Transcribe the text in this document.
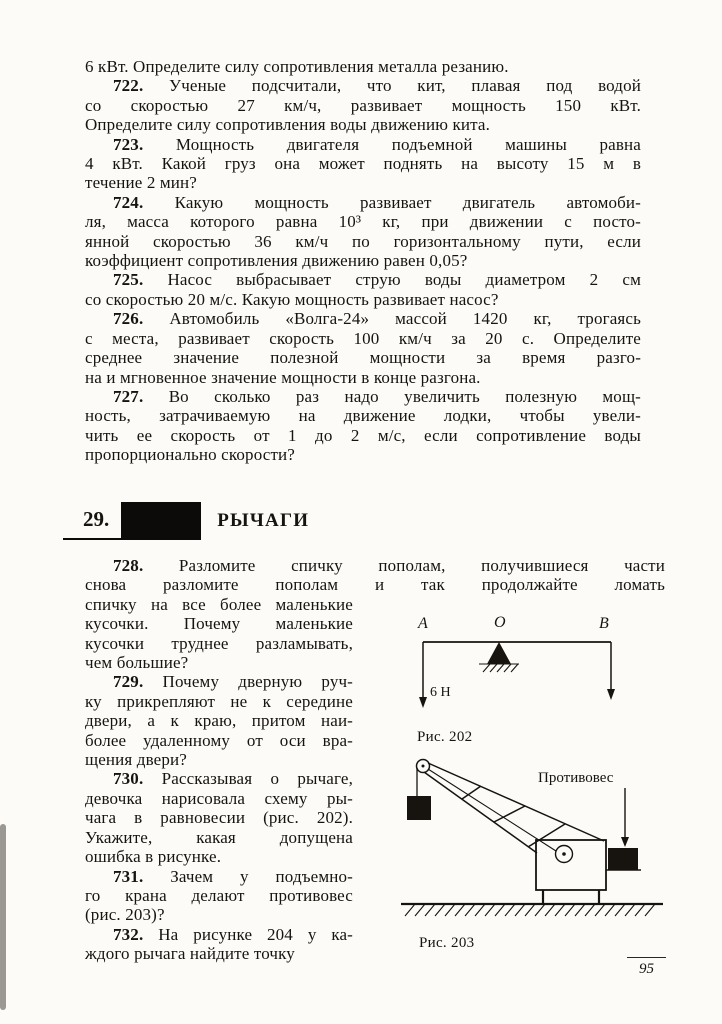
6 кВт. Определите силу сопротивления металла резанию.

722. Ученые подсчитали, что кит, плавая под водой
со скоростью 27 км/ч, развивает мощность 150 кВт.
Определите силу сопротивления воды движению кита.

723. Мощность двигателя подъемной машины равна
4 кВт. Какой груз она может поднять на высоту 15 м в
течение 2 мин?

724. Какую мощность развивает двигатель автомоби-
ля, масса которого равна 10³ кг, при движении с посто-
янной скоростью 36 км/ч по горизонтальному пути, если
коэффициент сопротивления движению равен 0,05?

725. Насос выбрасывает струю воды диаметром 2 см
со скоростью 20 м/с. Какую мощность развивает насос?

726. Автомобиль «Волга-24» массой 1420 кг, трогаясь
с места, развивает скорость 100 км/ч за 20 с. Определите
среднее значение полезной мощности за время разго-
на и мгновенное значение мощности в конце разгона.

727. Во сколько раз надо увеличить полезную мощ-
ность, затрачиваемую на движение лодки, чтобы увели-
чить ее скорость от 1 до 2 м/с, если сопротивление воды
пропорционально скорости?

29.	РЫЧАГИ

728. Разломите спичку пополам, получившиеся части
снова разломите пополам и так продолжайте ломать

спичку на все более маленькие
кусочки. Почему маленькие
кусочки труднее разламывать,
чем большие?

729. Почему дверную руч-
ку прикрепляют не к середине
двери, а к краю, притом наи-
более удаленному от оси вра-
щения двери?

730. Рассказывая о рычаге,
девочка нарисовала схему ры-
чага в равновесии (рис. 202).
Укажите, какая допущена
ошибка в рисунке.

731. Зачем у подъемно-
го крана делают противовес
(рис. 203)?

732. На рисунке 204 у ка-
ждого рычага найдите точку

A	O	B
6 Н
Рис. 202
Противовес
Рис. 203
95
